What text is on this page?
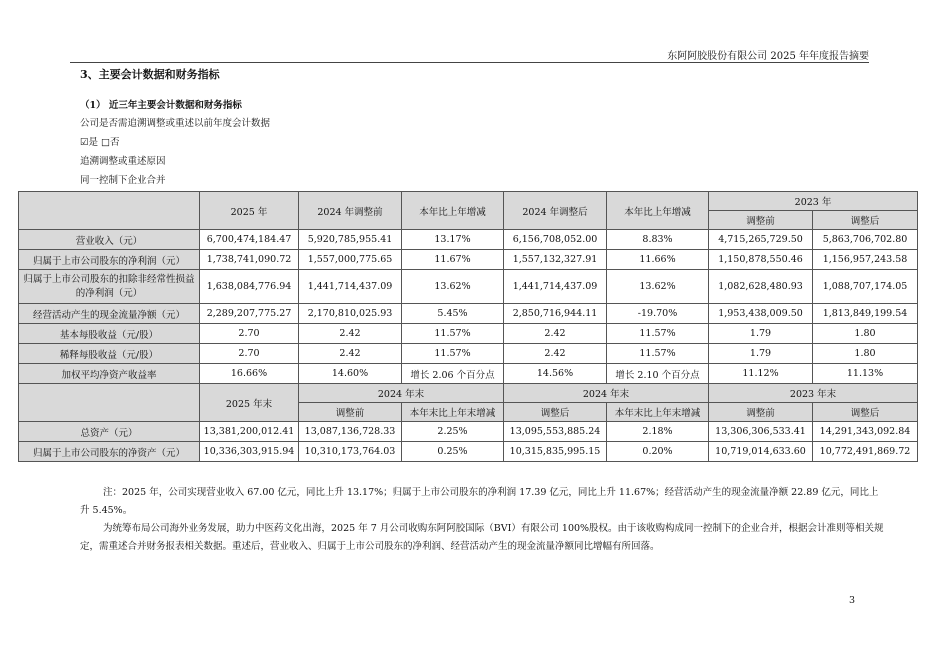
东阿阿胶股份有限公司 2025 年年度报告摘要
3、主要会计数据和财务指标
（1） 近三年主要会计数据和财务指标
公司是否需追溯调整或重述以前年度会计数据
☑是 □否
追溯调整或重述原因
同一控制下企业合并
	2025 年	2024 年调整前	本年比上年增减	2024 年调整后	本年比上年增减	2023 年	
						调整前	调整后
营业收入（元）	6,700,474,184.47	5,920,785,955.41	13.17%	6,156,708,052.00	8.83%	4,715,265,729.50	5,863,706,702.80
归属于上市公司股东的净利润（元）	1,738,741,090.72	1,557,000,775.65	11.67%	1,557,132,327.91	11.66%	1,150,878,550.46	1,156,957,243.58
归属于上市公司股东的扣除非经常性损益的净利润（元）	1,638,084,776.94	1,441,714,437.09	13.62%	1,441,714,437.09	13.62%	1,082,628,480.93	1,088,707,174.05
经营活动产生的现金流量净额（元）	2,289,207,775.27	2,170,810,025.93	5.45%	2,850,716,944.11	-19.70%	1,953,438,009.50	1,813,849,199.54
基本每股收益（元/股）	2.70	2.42	11.57%	2.42	11.57%	1.79	1.80
稀释每股收益（元/股）	2.70	2.42	11.57%	2.42	11.57%	1.79	1.80
加权平均净资产收益率	16.66%	14.60%	增长 2.06 个百分点	14.56%	增长 2.10 个百分点	11.12%	11.13%
	2025 年末	2024 年末		2024 年末		2023 年末	
		调整前	本年末比上年末增减	调整后	本年末比上年末增减	调整前	调整后
总资产（元）	13,381,200,012.41	13,087,136,728.33	2.25%	13,095,553,885.24	2.18%	13,306,306,533.41	14,291,343,092.84
归属于上市公司股东的净资产（元）	10,336,303,915.94	10,310,173,764.03	0.25%	10,315,835,995.15	0.20%	10,719,014,633.60	10,772,491,869.72
注：2025 年，公司实现营业收入 67.00 亿元，同比上升 13.17%；归属于上市公司股东的净利润 17.39 亿元，同比上升 11.67%；经营活动产生的现金流量净额 22.89 亿元，同比上升 5.45%。
为统筹布局公司海外业务发展，助力中医药文化出海，2025 年 7 月公司收购东阿阿胶国际（BVI）有限公司 100%股权。由于该收购构成同一控制下的企业合并，根据会计准则等相关规定，需重述合并财务报表相关数据。重述后，营业收入、归属于上市公司股东的净利润、经营活动产生的现金流量净额同比增幅有所回落。
3
